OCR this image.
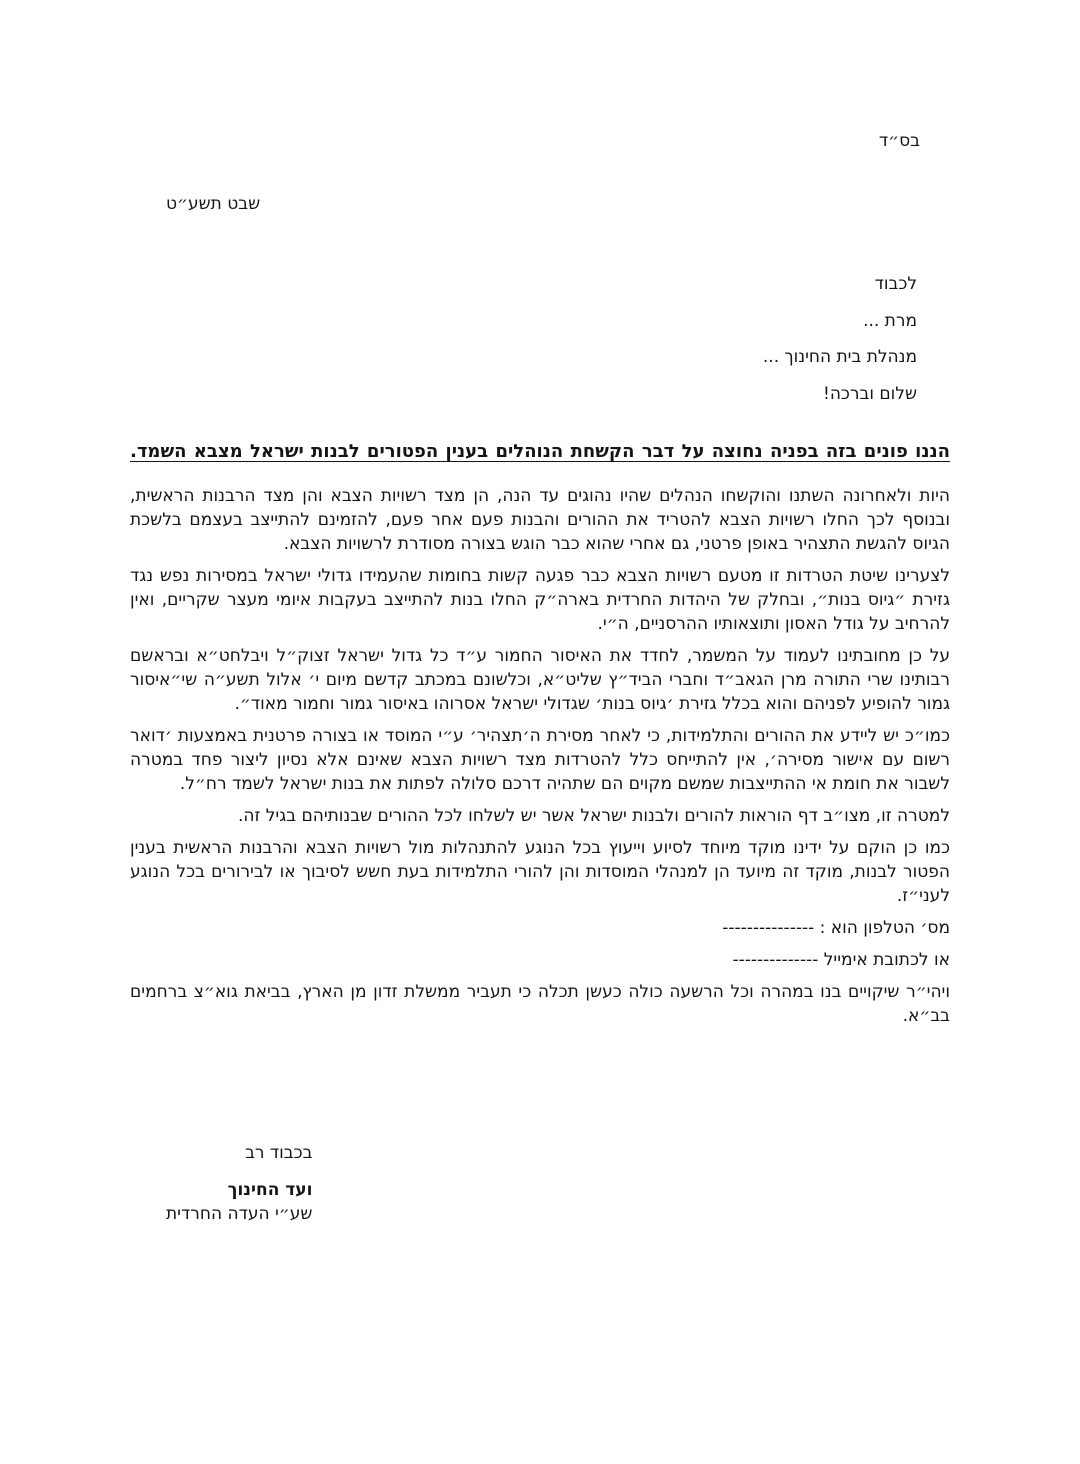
בס״ד
שבט תשע״ט
לכבוד
מרת ...
מנהלת בית החינוך ...
שלום וברכה!
הננו פונים בזה בפניה נחוצה על דבר הקשחת הנוהלים בענין הפטורים לבנות ישראל מצבא השמד.

היות ולאחרונה השתנו והוקשחו הנהלים שהיו נהוגים עד הנה, הן מצד רשויות הצבא והן מצד הרבנות הראשית, ובנוסף לכך החלו רשויות הצבא להטריד את ההורים והבנות פעם אחר פעם, להזמינם להתייצב בעצמם בלשכת הגיוס להגשת התצהיר באופן פרטני, גם אחרי שהוא כבר הוגש בצורה מסודרת לרשויות הצבא.

לצערינו שיטת הטרדות זו מטעם רשויות הצבא כבר פגעה קשות בחומות שהעמידו גדולי ישראל במסירות נפש נגד גזירת ״גיוס בנות״, ובחלק של היהדות החרדית בארה״ק החלו בנות להתייצב בעקבות איומי מעצר שקריים, ואין להרחיב על גודל האסון ותוצאותיו ההרסניים, ה״י.

על כן מחובתינו לעמוד על המשמר, לחדד את האיסור החמור ע״ד כל גדול ישראל זצוק״ל ויבלחט״א ובראשם רבותינו שרי התורה מרן הגאב״ד וחברי הביד״ץ שליט״א, וכלשונם במכתב קדשם מיום י׳ אלול תשע״ה שי״איסור גמור להופיע לפניהם והוא בכלל גזירת ׳גיוס בנות׳ שגדולי ישראל אסרוהו באיסור גמור וחמור מאוד״.

כמו״כ יש ליידע את ההורים והתלמידות, כי לאחר מסירת ה׳תצהיר׳ ע״י המוסד או בצורה פרטנית באמצעות ׳דואר רשום עם אישור מסירה׳, אין להתייחס כלל להטרדות מצד רשויות הצבא שאינם אלא נסיון ליצור פחד במטרה לשבור את חומת אי ההתייצבות שמשם מקוים הם שתהיה דרכם סלולה לפתות את בנות ישראל לשמד רח״ל.

למטרה זו, מצו״ב דף הוראות להורים ולבנות ישראל אשר יש לשלחו לכל ההורים שבנותיהם בגיל זה.

כמו כן הוקם על ידינו מוקד מיוחד לסיוע וייעוץ בכל הנוגע להתנהלות מול רשויות הצבא והרבנות הראשית בענין הפטור לבנות, מוקד זה מיועד הן למנהלי המוסדות והן להורי התלמידות בעת חשש לסיבוך או לבירורים בכל הנוגע לעני״ז.

מס׳ הטלפון הוא : ---------------

או לכתובת אימייל --------------

ויהי״ר שיקויים בנו במהרה וכל הרשעה כולה כעשן תכלה כי תעביר ממשלת זדון מן הארץ, בביאת גוא״צ ברחמים בב״א.

בכבוד רב
ועד החינוך
שע״י העדה החרדית
